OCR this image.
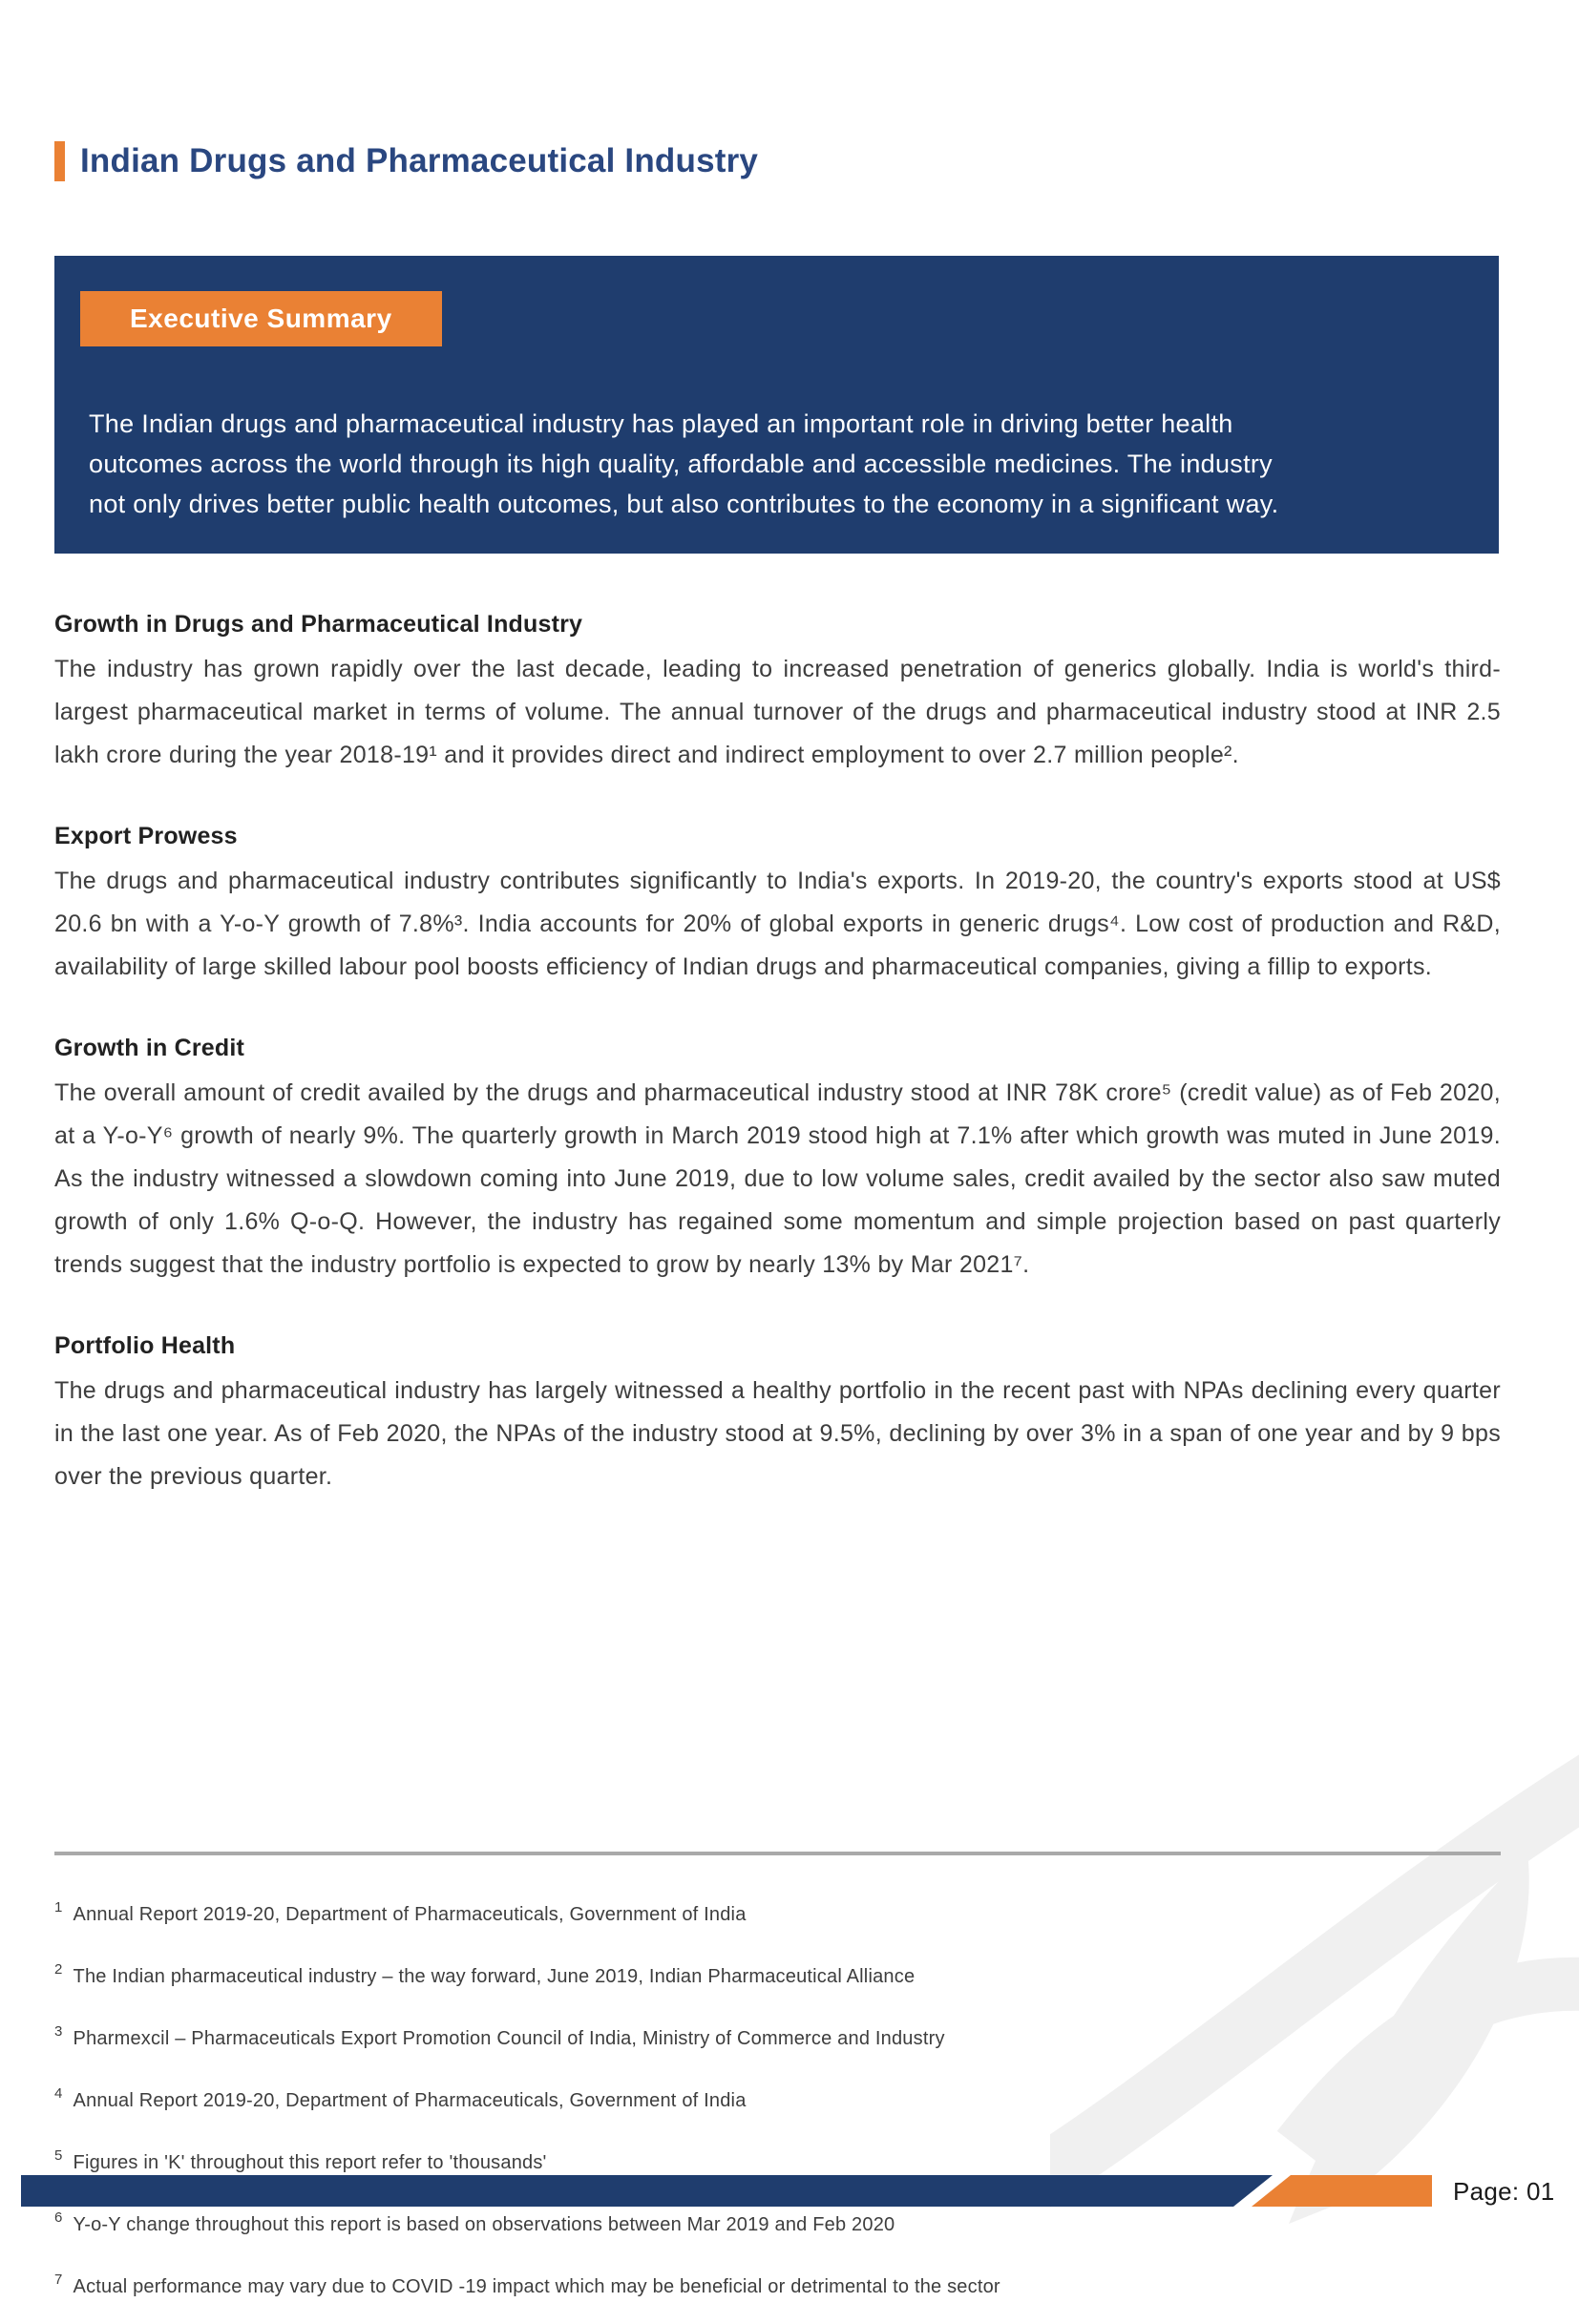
Indian Drugs and Pharmaceutical Industry
Executive Summary

The Indian drugs and pharmaceutical industry has played an important role in driving better health outcomes across the world through its high quality, affordable and accessible medicines. The industry not only drives better public health outcomes, but also contributes to the economy in a significant way.

Growth in Drugs and Pharmaceutical Industry

The industry has grown rapidly over the last decade, leading to increased penetration of generics globally. India is world's third-largest pharmaceutical market in terms of volume. The annual turnover of the drugs and pharmaceutical industry stood at INR 2.5 lakh crore during the year 2018-19¹ and it provides direct and indirect employment to over 2.7 million people².

Export Prowess

The drugs and pharmaceutical industry contributes significantly to India's exports. In 2019-20, the country's exports stood at US$ 20.6 bn with a Y-o-Y growth of 7.8%³. India accounts for 20% of global exports in generic drugs⁴. Low cost of production and R&D, availability of large skilled labour pool boosts efficiency of Indian drugs and pharmaceutical companies, giving a fillip to exports.

Growth in Credit

The overall amount of credit availed by the drugs and pharmaceutical industry stood at INR 78K crore⁵ (credit value) as of Feb 2020, at a Y-o-Y⁶ growth of nearly 9%. The quarterly growth in March 2019 stood high at 7.1% after which growth was muted in June 2019. As the industry witnessed a slowdown coming into June 2019, due to low volume sales, credit availed by the sector also saw muted growth of only 1.6% Q-o-Q. However, the industry has regained some momentum and simple projection based on past quarterly trends suggest that the industry portfolio is expected to grow by nearly 13% by Mar 2021⁷.

Portfolio Health

The drugs and pharmaceutical industry has largely witnessed a healthy portfolio in the recent past with NPAs declining every quarter in the last one year. As of Feb 2020, the NPAs of the industry stood at 9.5%, declining by over 3% in a span of one year and by 9 bps over the previous quarter.

1 Annual Report 2019-20, Department of Pharmaceuticals, Government of India

2 The Indian pharmaceutical industry – the way forward, June 2019, Indian Pharmaceutical Alliance

3 Pharmexcil – Pharmaceuticals Export Promotion Council of India, Ministry of Commerce and Industry

4 Annual Report 2019-20, Department of Pharmaceuticals, Government of India

5 Figures in 'K' throughout this report refer to 'thousands'

6 Y-o-Y change throughout this report is based on observations between Mar 2019 and Feb 2020

7 Actual performance may vary due to COVID -19 impact which may be beneficial or detrimental to the sector

Page: 01
